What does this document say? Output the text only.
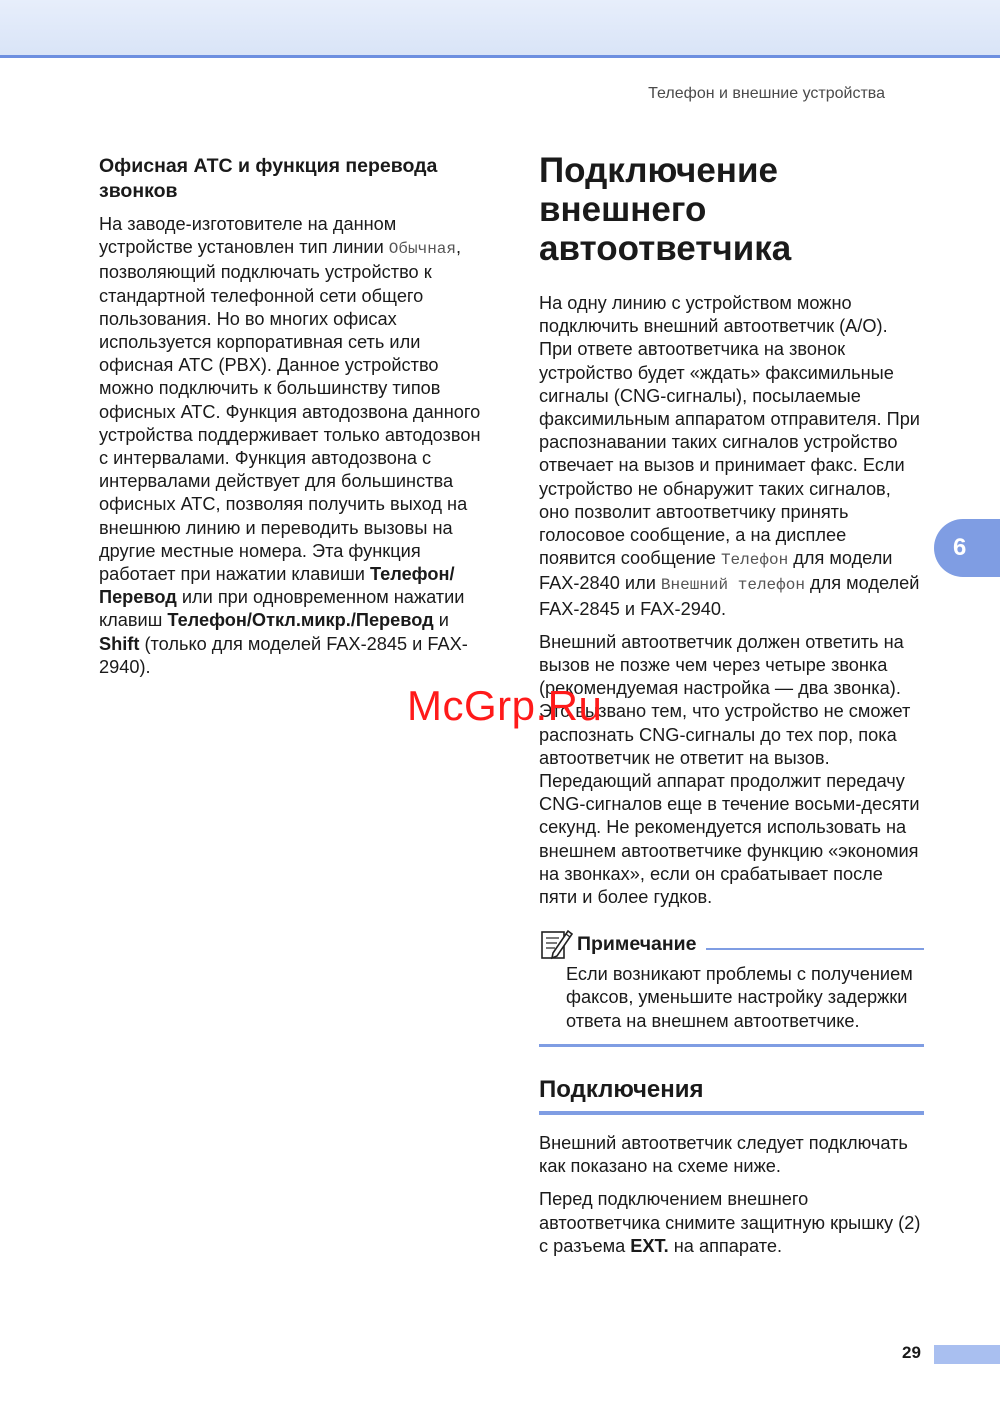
Телефон и внешние устройства
Офисная АТС и функция перевода звонков

На заводе-изготовителе на данном устройстве установлен тип линии Обычная, позволяющий подключать устройство к стандартной телефонной сети общего пользования. Но во многих офисах используется корпоративная сеть или офисная АТС (PBX). Данное устройство можно подключить к большинству типов офисных АТС. Функция автодозвона данного устройства поддерживает только автодозвон с интервалами. Функция автодозвона с интервалами действует для большинства офисных АТС, позволяя получить выход на внешнюю линию и переводить вызовы на другие местные номера. Эта функция работает при нажатии клавиши Телефон/Перевод или при одновременном нажатии клавиш Телефон/Откл.микр./Перевод и Shift (только для моделей FAX-2845 и FAX-2940).

Подключение
внешнего
автоответчика

На одну линию с устройством можно подключить внешний автоответчик (A/O). При ответе автоответчика на звонок устройство будет «ждать» факсимильные сигналы (CNG-сигналы), посылаемые факсимильным аппаратом отправителя. При распознавании таких сигналов устройство отвечает на вызов и принимает факс. Если устройство не обнаружит таких сигналов, оно позволит автоответчику принять голосовое сообщение, а на дисплее появится сообщение Телефон для модели FAX-2840 или Внешний телефон для моделей FAX-2845 и FAX-2940.

Внешний автоответчик должен ответить на вызов не позже чем через четыре звонка (рекомендуемая настройка — два звонка). Это вызвано тем, что устройство не сможет распознать CNG-сигналы до тех пор, пока автоответчик не ответит на вызов. Передающий аппарат продолжит передачу CNG-сигналов еще в течение восьми-десяти секунд. Не рекомендуется использовать на внешнем автоответчике функцию «экономия на звонках», если он срабатывает после пяти и более гудков.

Примечание

Если возникают проблемы с получением факсов, уменьшите настройку задержки ответа на внешнем автоответчике.

Подключения

Внешний автоответчик следует подключать как показано на схеме ниже.

Перед подключением внешнего автоответчика снимите защитную крышку (2) с разъема EXT. на аппарате.

6
29
McGrp.Ru
